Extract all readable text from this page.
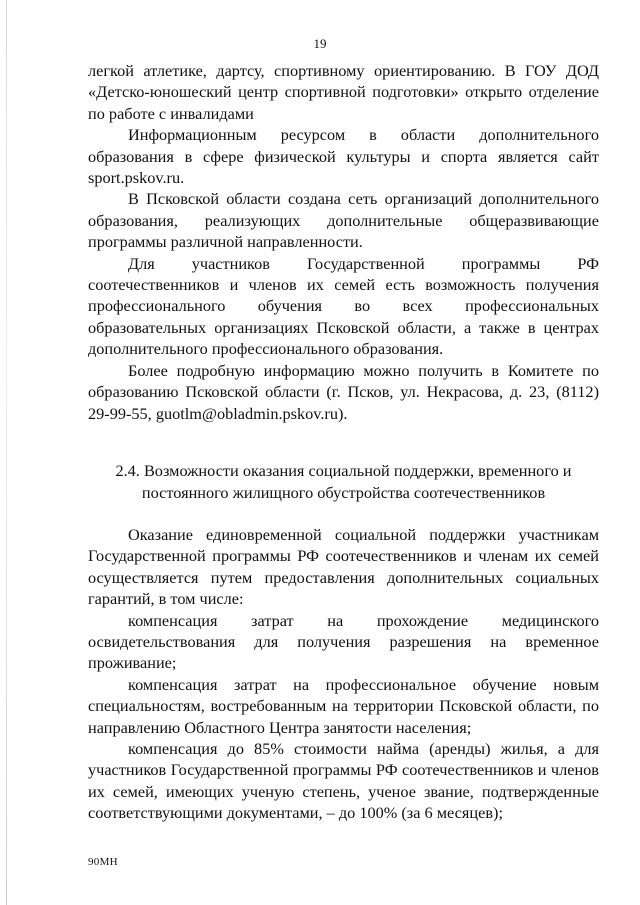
19

легкой атлетике, дартсу, спортивному ориентированию. В ГОУ ДОД «Детско-юношеский центр спортивной подготовки» открыто отделение по работе с инвалидами

Информационным ресурсом в области дополнительного образования в сфере физической культуры и спорта является сайт sport.pskov.ru.

В Псковской области создана сеть организаций дополнительного образования, реализующих дополнительные общеразвивающие программы различной направленности.

Для участников Государственной программы РФ соотечественников и членов их семей есть возможность получения профессионального обучения во всех профессиональных образовательных организациях Псковской области, а также в центрах дополнительного профессионального образования.

Более подробную информацию можно получить в Комитете по образованию Псковской области (г. Псков, ул. Некрасова, д. 23, (8112) 29-99-55, guotlm@obladmin.pskov.ru).

2.4. Возможности оказания социальной поддержки, временного и
постоянного жилищного обустройства соотечественников

Оказание единовременной социальной поддержки участникам Государственной программы РФ соотечественников и членам их семей осуществляется путем предоставления дополнительных социальных гарантий, в том числе:

компенсация затрат на прохождение медицинского освидетельствования для получения разрешения на временное проживание;

компенсация затрат на профессиональное обучение новым специальностям, востребованным на территории Псковской области, по направлению Областного Центра занятости населения;

компенсация до 85% стоимости найма (аренды) жилья, а для участников Государственной программы РФ соотечественников и членов их семей, имеющих ученую степень, ученое звание, подтвержденные соответствующими документами, – до 100% (за 6 месяцев);

90МН
